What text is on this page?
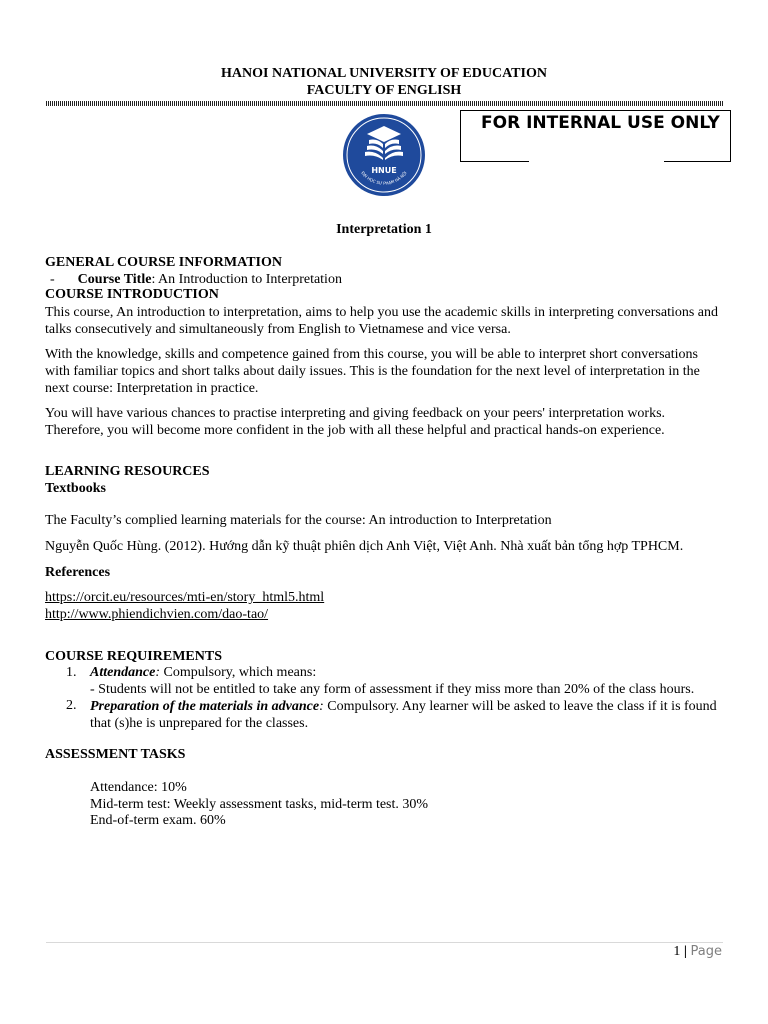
HANOI NATIONAL UNIVERSITY OF EDUCATION
FACULTY OF ENGLISH
FOR INTERNAL USE ONLY
HNUE
ĐẠI HỌC SƯ PHẠM HÀ NỘI
Interpretation 1
GENERAL COURSE INFORMATION
- Course Title: An Introduction to Interpretation
COURSE INTRODUCTION
This course, An introduction to interpretation, aims to help you use the academic skills in interpreting conversations and talks consecutively and simultaneously from English to Vietnamese and vice versa.
With the knowledge, skills and competence gained from this course, you will be able to interpret short conversations with familiar topics and short talks about daily issues. This is the foundation for the next level of interpretation in the next course: Interpretation in practice.
You will have various chances to practise interpreting and giving feedback on your peers' interpretation works. Therefore, you will become more confident in the job with all these helpful and practical hands-on experience.
LEARNING RESOURCES
Textbooks
The Faculty’s complied learning materials for the course: An introduction to Interpretation
Nguyễn Quốc Hùng. (2012). Hướng dẫn kỹ thuật phiên dịch Anh Việt, Việt Anh. Nhà xuất bản tổng hợp TPHCM.
References
https://orcit.eu/resources/mti-en/story_html5.html
http://www.phiendichvien.com/dao-tao/
COURSE REQUIREMENTS
1. Attendance: Compulsory, which means:
- Students will not be entitled to take any form of assessment if they miss more than 20% of the class hours.
2. Preparation of the materials in advance: Compulsory. Any learner will be asked to leave the class if it is found that (s)he is unprepared for the classes.
ASSESSMENT TASKS
Attendance: 10%
Mid-term test: Weekly assessment tasks, mid-term test. 30%
End-of-term exam. 60%
1 | Page
